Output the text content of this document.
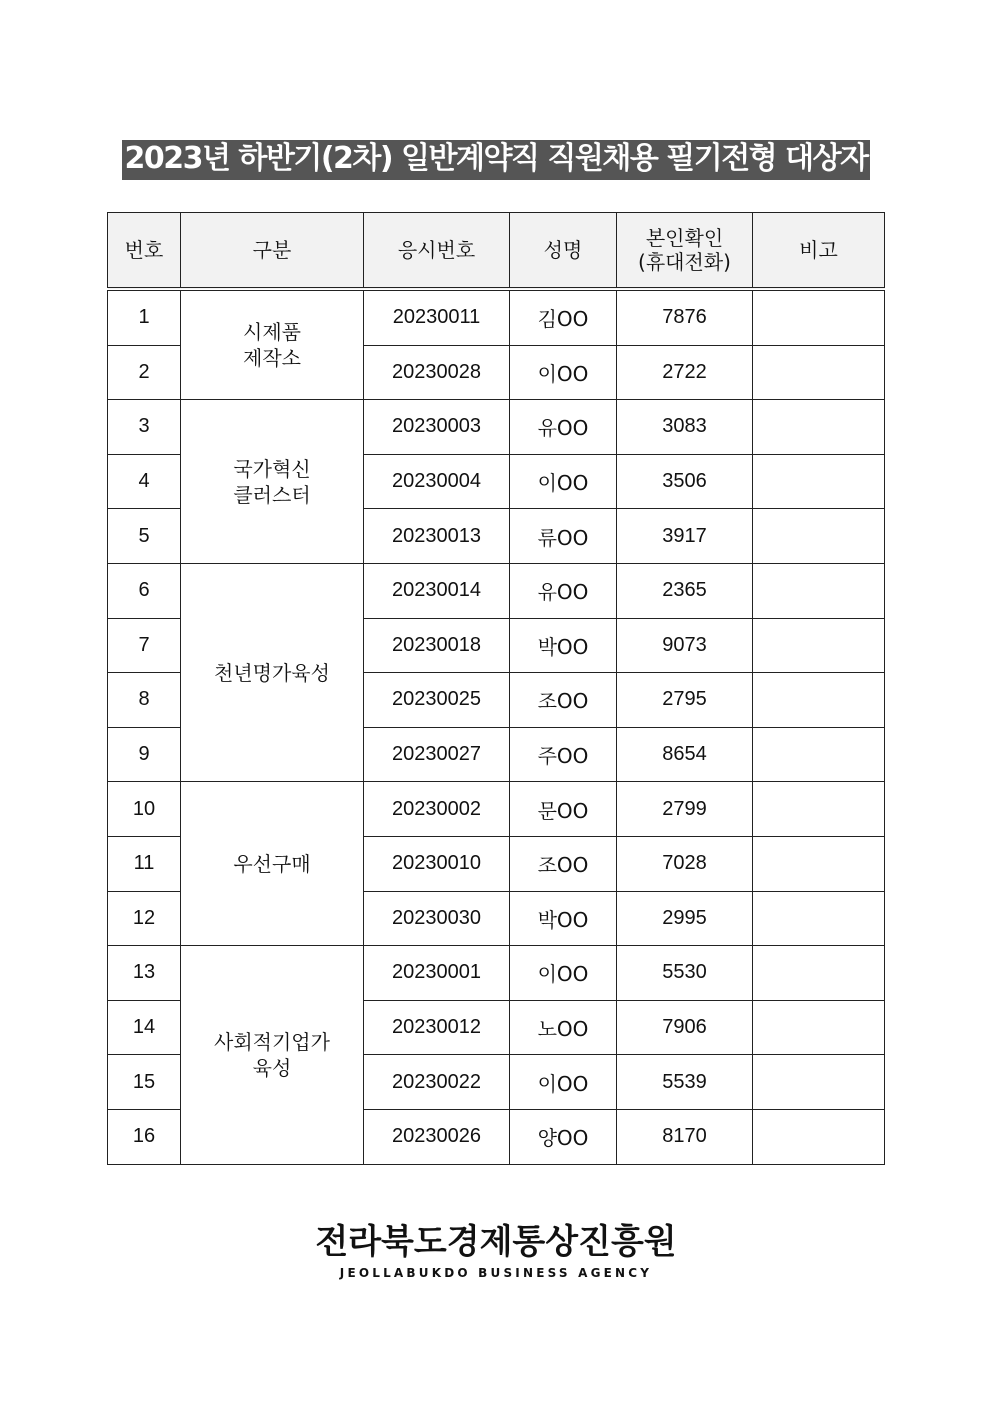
2023년 하반기(2차) 일반계약직 직원채용 필기전형 대상자
번호	구분	응시번호	성명	본인확인
(휴대전화)	비고
1	시제품
제작소	20230011	김OO	7876	
2		20230028	이OO	2722	
3	국가혁신
클러스터	20230003	유OO	3083	
4		20230004	이OO	3506	
5		20230013	류OO	3917	
6	천년명가육성	20230014	유OO	2365	
7		20230018	박OO	9073	
8		20230025	조OO	2795	
9		20230027	주OO	8654	
10	우선구매	20230002	문OO	2799	
11		20230010	조OO	7028	
12		20230030	박OO	2995	
13	사회적기업가
육성	20230001	이OO	5530	
14		20230012	노OO	7906	
15		20230022	이OO	5539	
16		20230026	양OO	8170	
전라북도경제통상진흥원
JEOLLABUKDO BUSINESS AGENCY
